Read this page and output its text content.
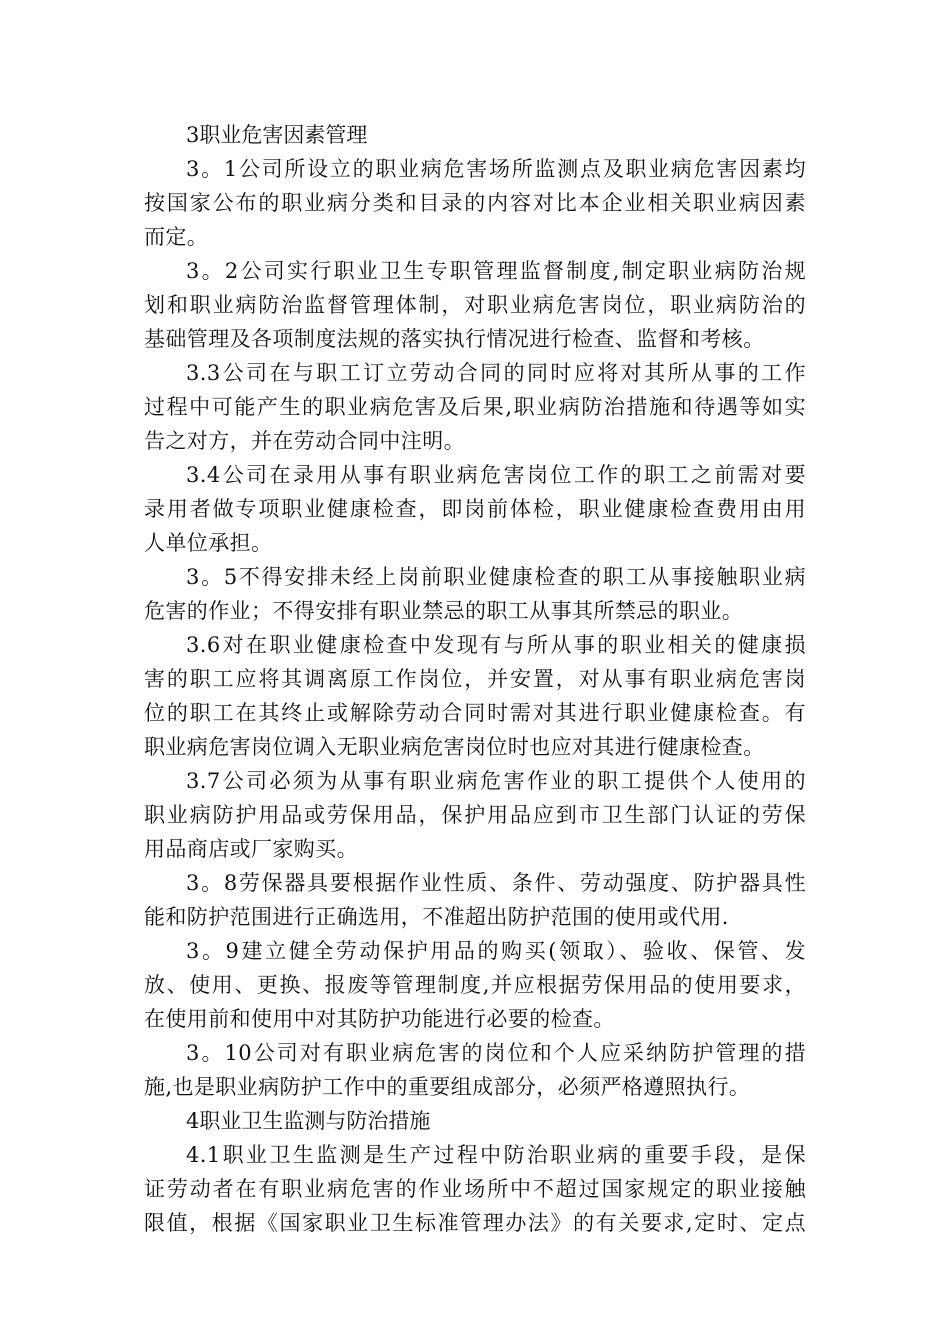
3职业危害因素管理

3。1公司所设立的职业病危害场所监测点及职业病危害因素均
按国家公布的职业病分类和目录的内容对比本企业相关职业病因素
而定。
3。2公司实行职业卫生专职管理监督制度,制定职业病防治规
划和职业病防治监督管理体制，对职业病危害岗位，职业病防治的
基础管理及各项制度法规的落实执行情况进行检查、监督和考核。
3.3公司在与职工订立劳动合同的同时应将对其所从事的工作
过程中可能产生的职业病危害及后果,职业病防治措施和待遇等如实
告之对方，并在劳动合同中注明。
3.4公司在录用从事有职业病危害岗位工作的职工之前需对要
录用者做专项职业健康检查，即岗前体检，职业健康检查费用由用
人单位承担。
3。5不得安排未经上岗前职业健康检查的职工从事接触职业病
危害的作业；不得安排有职业禁忌的职工从事其所禁忌的职业。
3.6对在职业健康检查中发现有与所从事的职业相关的健康损
害的职工应将其调离原工作岗位，并安置，对从事有职业病危害岗
位的职工在其终止或解除劳动合同时需对其进行职业健康检查。有
职业病危害岗位调入无职业病危害岗位时也应对其进行健康检查。
3.7公司必须为从事有职业病危害作业的职工提供个人使用的
职业病防护用品或劳保用品，保护用品应到市卫生部门认证的劳保
用品商店或厂家购买。
3。8劳保器具要根据作业性质、条件、劳动强度、防护器具性
能和防护范围进行正确选用，不准超出防护范围的使用或代用.
3。9建立健全劳动保护用品的购买(领取）、验收、保管、发
放、使用、更换、报废等管理制度,并应根据劳保用品的使用要求，
在使用前和使用中对其防护功能进行必要的检查。
3。10公司对有职业病危害的岗位和个人应采纳防护管理的措
施,也是职业病防护工作中的重要组成部分，必须严格遵照执行。

4职业卫生监测与防治措施

4.1职业卫生监测是生产过程中防治职业病的重要手段，是保
证劳动者在有职业病危害的作业场所中不超过国家规定的职业接触
限值，根据《国家职业卫生标准管理办法》的有关要求,定时、定点
